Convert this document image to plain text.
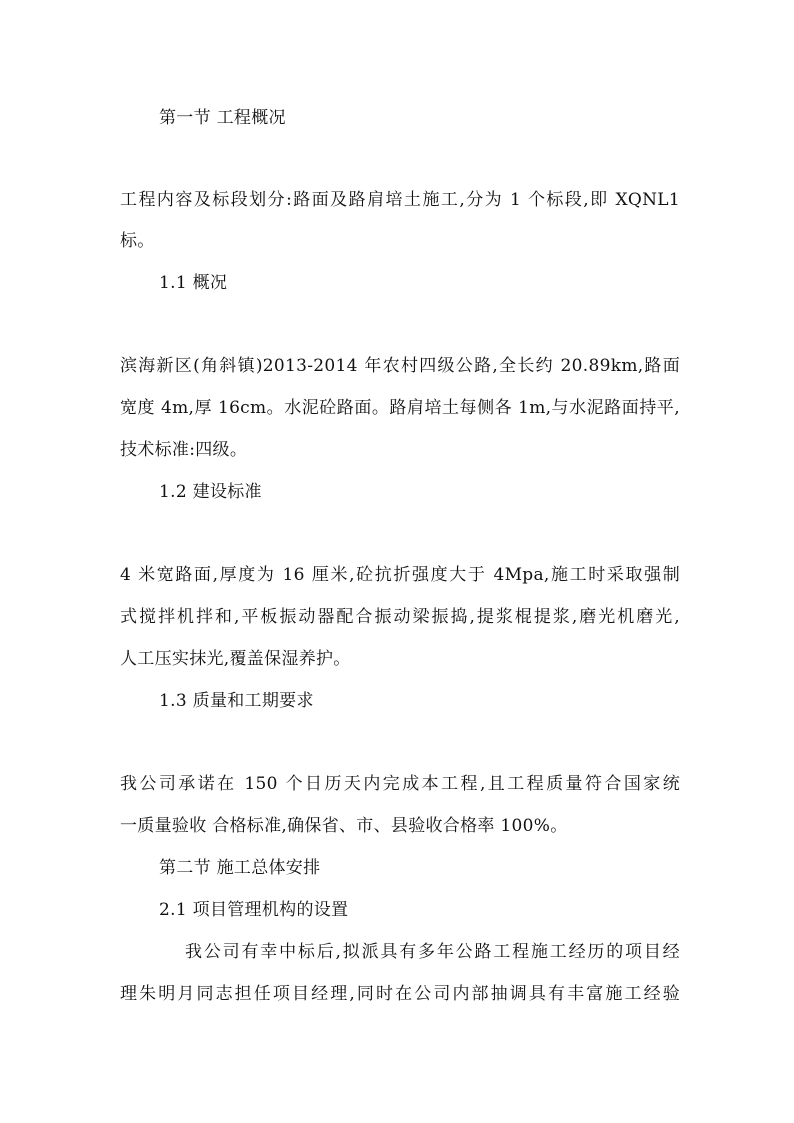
第一节 工程概况
工程内容及标段划分:路面及路肩培土施工,分为 1 个标段,即 XQNL1
标。
1.1 概况
滨海新区(角斜镇)2013-2014 年农村四级公路,全长约 20.89km,路面
宽度 4m,厚 16cm。水泥砼路面。路肩培土每侧各 1m,与水泥路面持平,
技术标准:四级。
1.2 建设标准
4 米宽路面,厚度为 16 厘米,砼抗折强度大于 4Mpa,施工时采取强制
式搅拌机拌和,平板振动器配合振动梁振捣,提浆棍提浆,磨光机磨光,
人工压实抹光,覆盖保湿养护。
1.3 质量和工期要求
我公司承诺在 150 个日历天内完成本工程,且工程质量符合国家统
一质量验收 合格标准,确保省、市、县验收合格率 100%。
第二节 施工总体安排
2.1 项目管理机构的设置
我公司有幸中标后,拟派具有多年公路工程施工经历的项目经
理朱明月同志担任项目经理,同时在公司内部抽调具有丰富施工经验
